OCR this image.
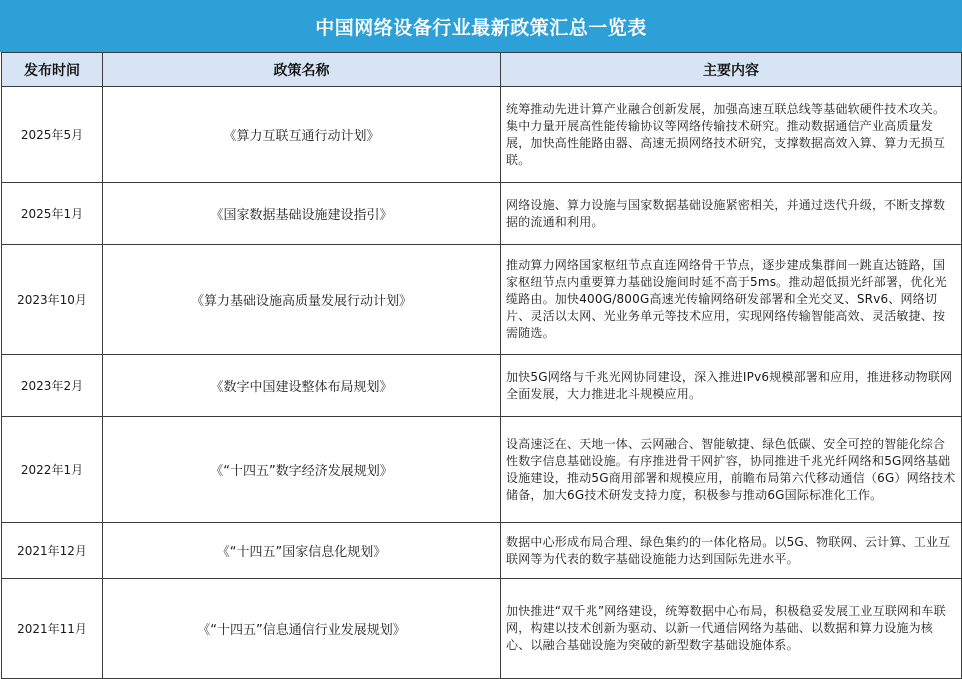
中国网络设备行业最新政策汇总一览表
发布时间	政策名称	主要内容
2025年5月	《算力互联互通行动计划》	统筹推动先进计算产业融合创新发展，加强高速互联总线等基础软硬件技术攻关。集中力量开展高性能传输协议等网络传输技术研究。推动数据通信产业高质量发展，加快高性能路由器、高速无损网络技术研究，支撑数据高效入算、算力无损互联。
2025年1月	《国家数据基础设施建设指引》	网络设施、算力设施与国家数据基础设施紧密相关，并通过迭代升级，不断支撑数据的流通和利用。
2023年10月	《算力基础设施高质量发展行动计划》	推动算力网络国家枢纽节点直连网络骨干节点，逐步建成集群间一跳直达链路，国家枢纽节点内重要算力基础设施间时延不高于5ms。推动超低损光纤部署，优化光缆路由。加快400G/800G高速光传输网络研发部署和全光交叉、SRv6、网络切片、灵活以太网、光业务单元等技术应用，实现网络传输智能高效、灵活敏捷、按需随选。
2023年2月	《数字中国建设整体布局规划》	加快5G网络与千兆光网协同建设，深入推进IPv6规模部署和应用，推进移动物联网全面发展，大力推进北斗规模应用。
2022年1月	《“十四五”数字经济发展规划》	设高速泛在、天地一体、云网融合、智能敏捷、绿色低碳、安全可控的智能化综合性数字信息基础设施。有序推进骨干网扩容，协同推进千兆光纤网络和5G网络基础设施建设，推动5G商用部署和规模应用，前瞻布局第六代移动通信（6G）网络技术储备，加大6G技术研发支持力度，积极参与推动6G国际标准化工作。
2021年12月	《“十四五”国家信息化规划》	数据中心形成布局合理、绿色集约的一体化格局。以5G、物联网、云计算、工业互联网等为代表的数字基础设施能力达到国际先进水平。
2021年11月	《“十四五”信息通信行业发展规划》	加快推进“双千兆”网络建设，统筹数据中心布局，积极稳妥发展工业互联网和车联网，构建以技术创新为驱动、以新一代通信网络为基础、以数据和算力设施为核心、以融合基础设施为突破的新型数字基础设施体系。
